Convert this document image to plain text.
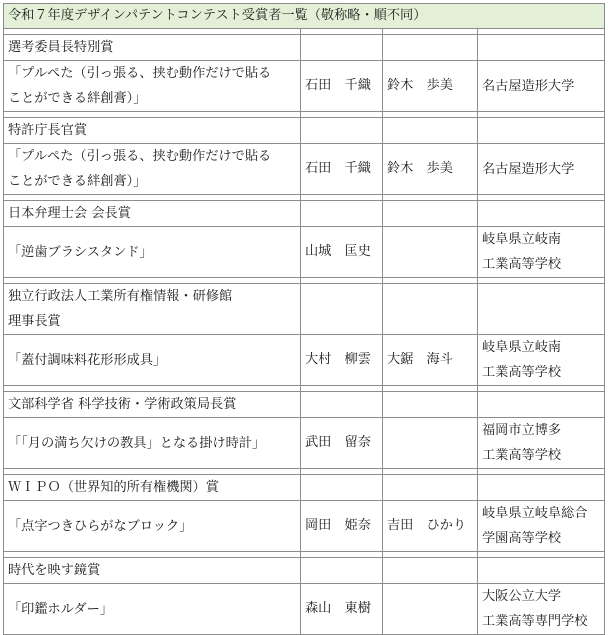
令和７年度デザインパテントコンテスト受賞者一覧（敬称略・順不同）			

選考委員長特別賞			

「プルペた（引っ張る、挟む動作だけで貼る
ことができる絆創膏）」	石田　千織	鈴木　歩美	名古屋造形大学

特許庁長官賞			

「プルペた（引っ張る、挟む動作だけで貼る
ことができる絆創膏）」	石田　千織	鈴木　歩美	名古屋造形大学

日本弁理士会 会長賞			

「逆歯ブラシスタンド」	山城　匡史		岐阜県立岐南
工業高等学校

独立行政法人工業所有権情報・研修館
理事長賞			

「蓋付調味料花形形成具」	大村　柳雲	大鋸　海斗	岐阜県立岐南
工業高等学校

文部科学省 科学技術・学術政策局長賞			

「「月の満ち欠けの教具」となる掛け時計」	武田　留奈		福岡市立博多
工業高等学校

ＷＩＰＯ（世界知的所有権機関）賞			

「点字つきひらがなブロック」	岡田　姫奈	吉田　ひかり	岐阜県立岐阜総合
学園高等学校

時代を映す鏡賞			

「印鑑ホルダー」	森山　東樹		大阪公立大学
工業高等専門学校
